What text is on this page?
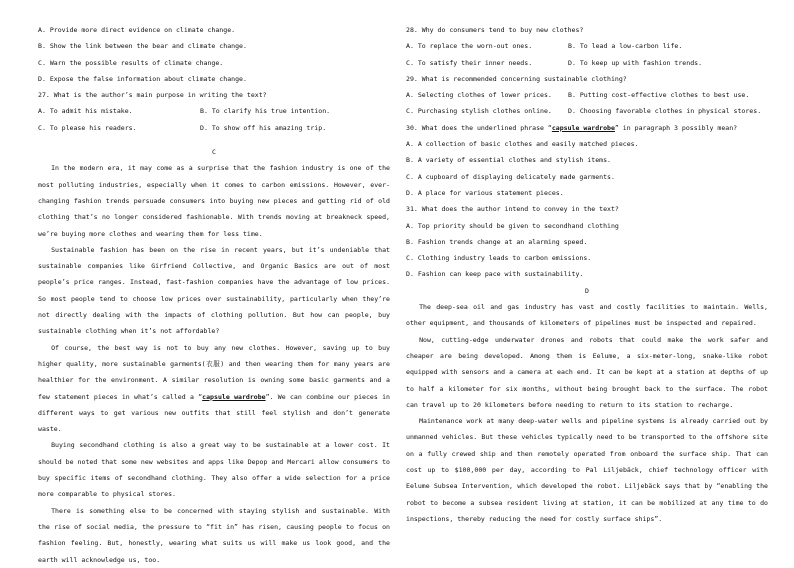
A. Provide more direct evidence on climate change.
B. Show the link between the bear and climate change.
C. Warn the possible results of climate change.
D. Expose the false information about climate change.
27. What is the author’s main purpose in writing the text?
A. To admit his mistake.	B. To clarify his true intention.
C. To please his readers.	D. To show off his amazing trip.
C
In the modern era, it may come as a surprise that the fashion industry is one of the most polluting industries, especially when it comes to carbon emissions. However, ever-changing fashion trends persuade consumers into buying new pieces and getting rid of old clothing that’s no longer considered fashionable. With trends moving at breakneck speed, we’re buying more clothes and wearing them for less time.
Sustainable fashion has been on the rise in recent years, but it’s undeniable that sustainable companies like Girfriend Collective, and Organic Basics are out of most people’s price ranges. Instead, fast-fashion companies have the advantage of low prices. So most people tend to choose low prices over sustainability, particularly when they’re not directly dealing with the impacts of clothing pollution. But how can people, buy sustainable clothing when it’s not affordable?
Of course, the best way is not to buy any new clothes. However, saving up to buy higher quality, more sustainable garments(衣服) and then wearing them for many years are healthier for the environment. A similar resolution is owning some basic garments and a few statement pieces in what’s called a “capsule wardrobe”. We can combine our pieces in different ways to get various new outfits that still feel stylish and don’t generate waste.
Buying secondhand clothing is also a great way to be sustainable at a lower cost. It should be noted that some new websites and apps like Depop and Mercari allow consumers to buy specific items of secondhand clothing. They also offer a wide selection for a price more comparable to physical stores.
There is something else to be concerned with staying stylish and sustainable. With the rise of social media, the pressure to “fit in” has risen, causing people to focus on fashion feeling. But, honestly, wearing what suits us will make us look good, and the earth will acknowledge us, too.
28. Why do consumers tend to buy new clothes?
A. To replace the worn-out ones.	B. To lead a low-carbon life.
C. To satisfy their inner needs.	D. To keep up with fashion trends.
29. What is recommended concerning sustainable clothing?
A. Selecting clothes of lower prices.	B. Putting cost-effective clothes to best use.
C. Purchasing stylish clothes online. D. Choosing favorable clothes in physical stores.
30. What does the underlined phrase “capsule wardrobe” in paragraph 3 possibly mean?
A. A collection of basic clothes and easily matched pieces.
B. A variety of essential clothes and stylish items.
C. A cupboard of displaying delicately made garments.
D. A place for various statement pieces.
31. What does the author intend to convey in the text?
A. Top priority should be given to secondhand clothing
B. Fashion trends change at an alarming speed.
C. Clothing industry leads to carbon emissions.
D. Fashion can keep pace with sustainability.
D
The deep-sea oil and gas industry has vast and costly facilities to maintain. Wells, other equipment, and thousands of kilometers of pipelines must be inspected and repaired.
Now, cutting-edge underwater drones and robots that could make the work safer and cheaper are being developed. Among them is Eelume, a six-meter-long, snake-like robot equipped with sensors and a camera at each end. It can be kept at a station at depths of up to half a kilometer for six months, without being brought back to the surface. The robot can travel up to 20 kilometers before needing to return to its station to recharge.
Maintenance work at many deep-water wells and pipeline systems is already carried out by unmanned vehicles. But these vehicles typically need to be transported to the offshore site on a fully crewed ship and then remotely operated from onboard the surface ship. That can cost up to $100,000 per day, according to Pal Liljebäck, chief technology officer with Eelume Subsea Intervention, which developed the robot. Liljebäck says that by “enabling the robot to become a subsea resident living at station, it can be mobilized at any time to do inspections, thereby reducing the need for costly surface ships”.
